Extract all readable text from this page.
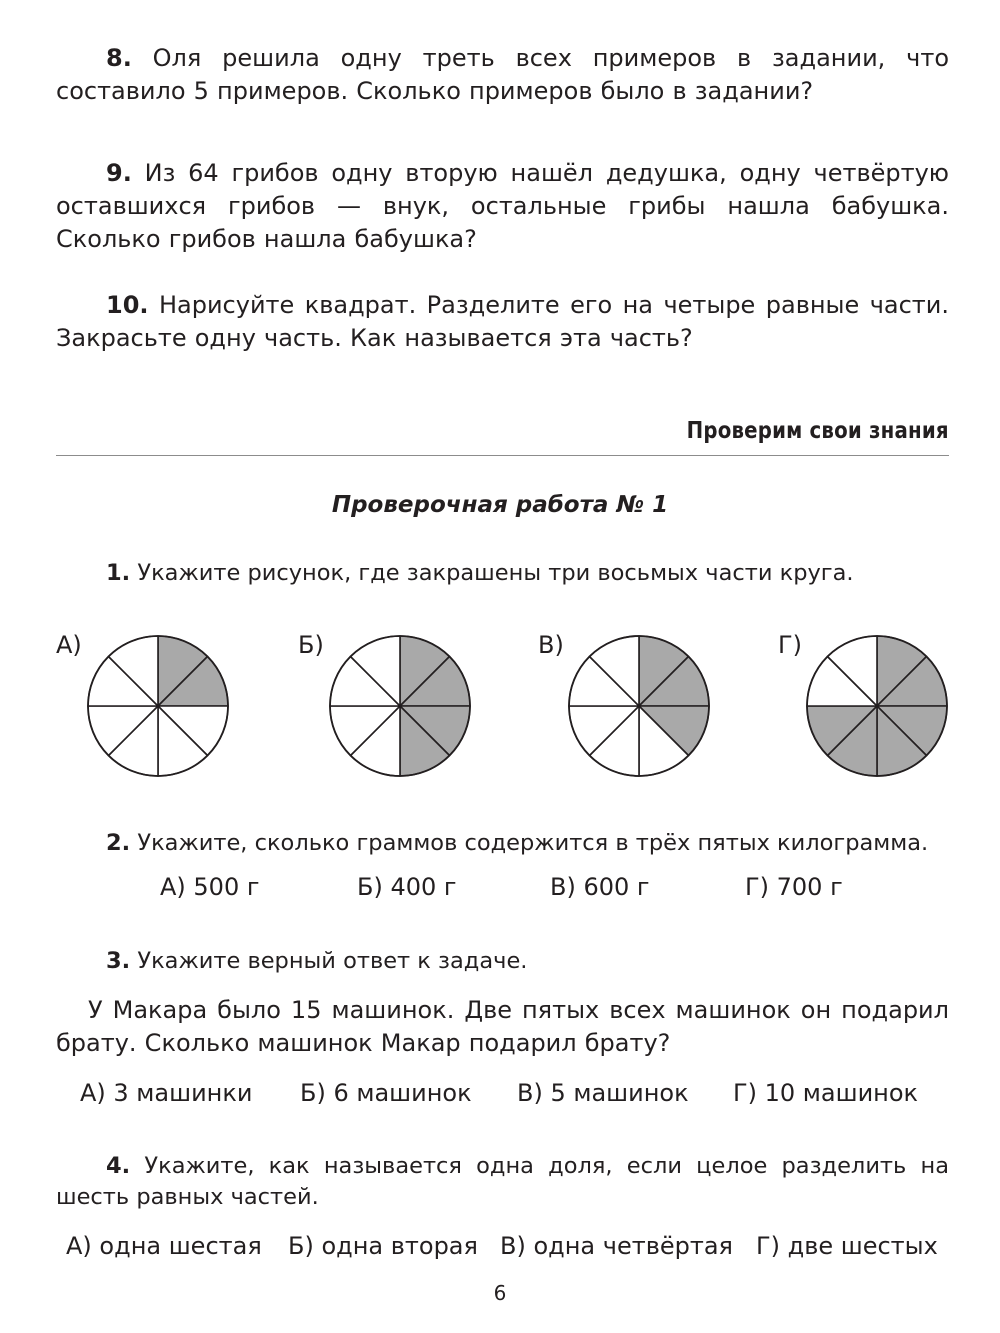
8. Оля решила одну треть всех примеров в задании, что составило 5 примеров. Сколько примеров было в задании?

9. Из 64 грибов одну вторую нашёл дедушка, одну четвёртую оставшихся грибов — внук, остальные грибы нашла бабушка. Сколько грибов нашла бабушка?

10. Нарисуйте квадрат. Разделите его на четыре равные части. Закрасьте одну часть. Как называется эта часть?

Проверим свои знания
Проверочная работа № 1

1. Укажите рисунок, где закрашены три восьмых части круга.

А)	Б)	В)	Г)

2. Укажите, сколько граммов содержится в трёх пятых килограмма.

А) 500 г	Б) 400 г	В) 600 г	Г) 700 г

3. Укажите верный ответ к задаче.

У Макара было 15 машинок. Две пятых всех машинок он подарил брату. Сколько машинок Макар подарил брату?

А) 3 машинки Б) 6 машинок В) 5 машинок Г) 10 машинок

4. Укажите, как называется одна доля, если целое разделить на шесть равных частей.

А) одна шестая Б) одна вторая В) одна четвёртая Г) две шестых
6
